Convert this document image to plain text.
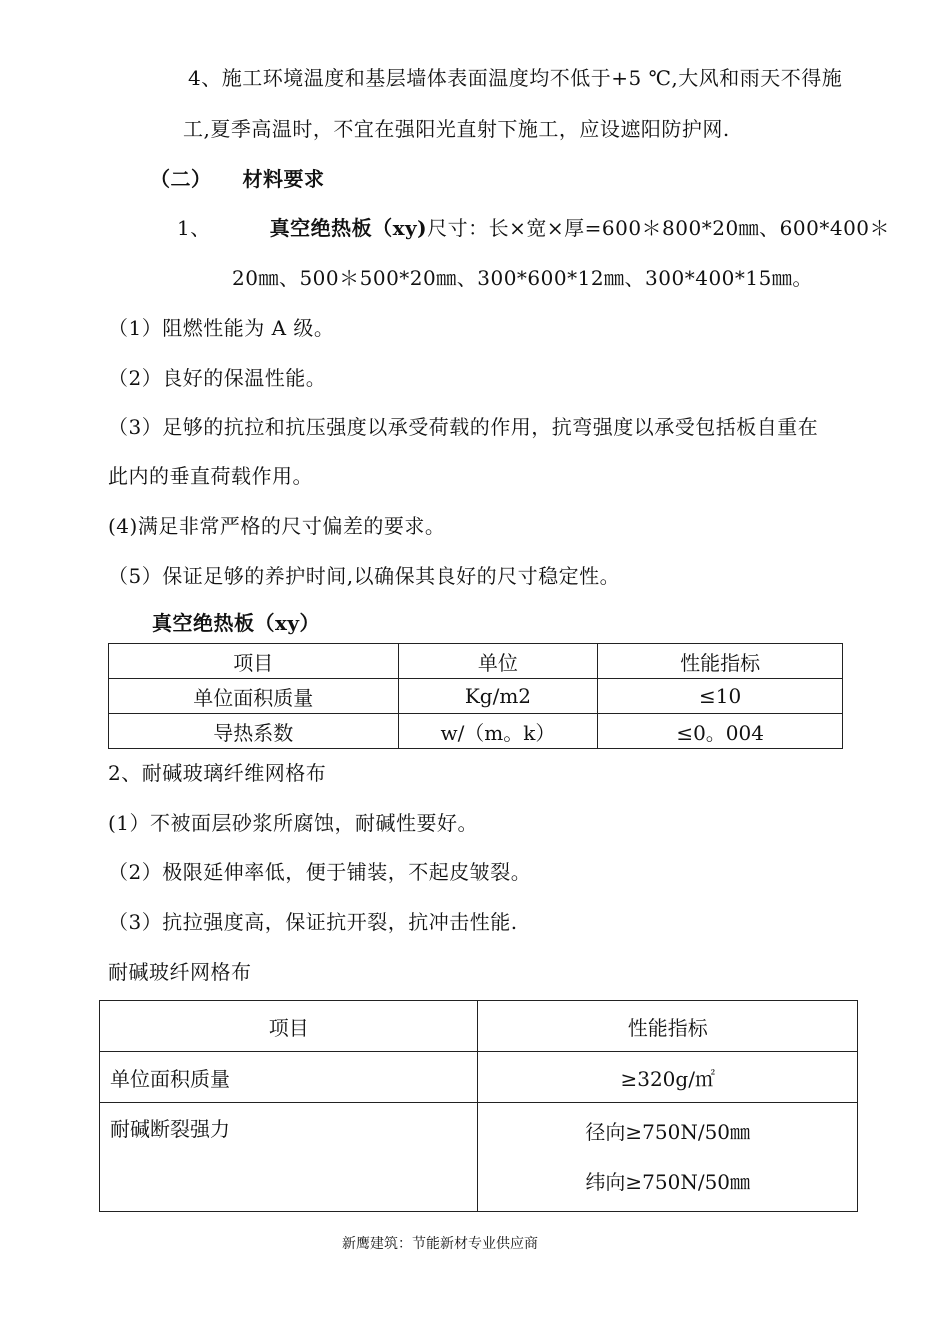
4、施工环境温度和基层墙体表面温度均不低于+5 ℃,大风和雨天不得施
工,夏季高温时，不宜在强阳光直射下施工，应设遮阳防护网.
（二）　　材料要求
1、	真空绝热板（xy)尺寸：长×宽×厚=600＊800*20㎜、600*400＊
20㎜、500＊500*20㎜、300*600*12㎜、300*400*15㎜。
（1）阻燃性能为 A 级。
（2）良好的保温性能。
（3）足够的抗拉和抗压强度以承受荷载的作用，抗弯强度以承受包括板自重在
此内的垂直荷载作用。
(4)满足非常严格的尺寸偏差的要求。
（5）保证足够的养护时间,以确保其良好的尺寸稳定性。
真空绝热板（xy）
项目	单位	性能指标
单位面积质量	Kg/m2	≤10
导热系数	w/（m。k）	≤0。004
2、耐碱玻璃纤维网格布
(1）不被面层砂浆所腐蚀，耐碱性要好。
（2）极限延伸率低，便于铺装，不起皮皱裂。
（3）抗拉强度高，保证抗开裂，抗冲击性能.
耐碱玻纤网格布
项目	性能指标
单位面积质量	≥320g/㎡
耐碱断裂强力	径向≥750N/50㎜
纬向≥750N/50㎜
新鹰建筑：节能新材专业供应商
